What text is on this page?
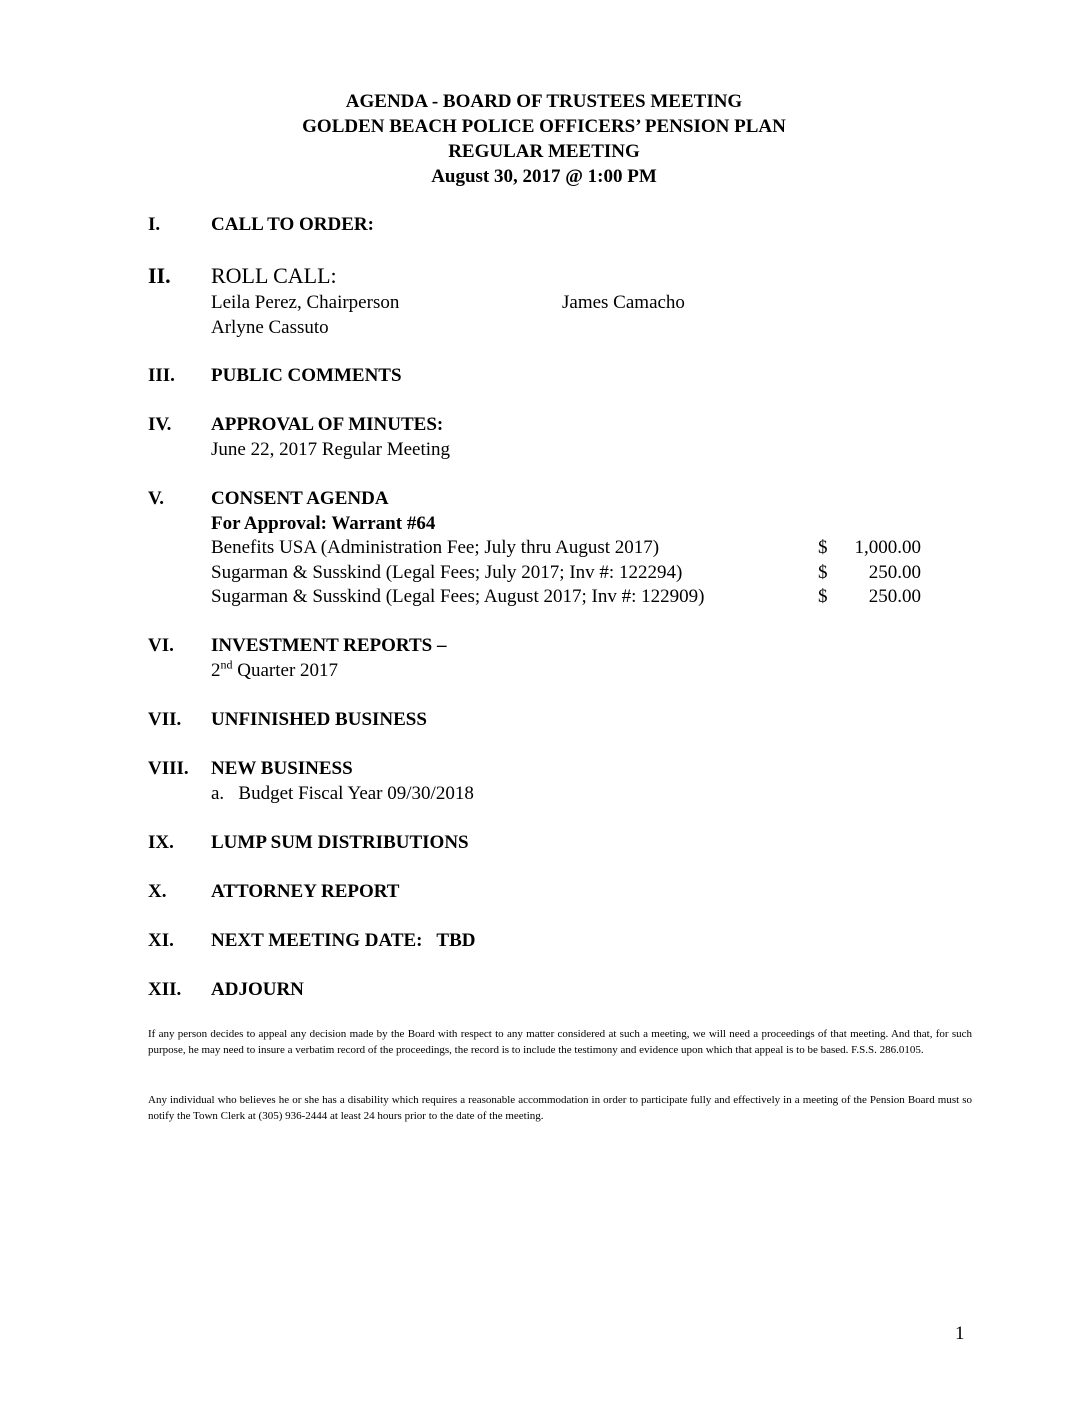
AGENDA - BOARD OF TRUSTEES MEETING
GOLDEN BEACH POLICE OFFICERS’ PENSION PLAN
REGULAR MEETING
August 30, 2017 @ 1:00 PM
I.	CALL TO ORDER:
II. ROLL CALL:
Leila Perez, Chairperson	James Camacho
Arlyne Cassuto
III. PUBLIC COMMENTS
IV. APPROVAL OF MINUTES:
June 22, 2017 Regular Meeting
V. CONSENT AGENDA
For Approval: Warrant #64
Benefits USA (Administration Fee; July thru August 2017)	$	1,000.00
Sugarman & Susskind (Legal Fees; July 2017; Inv #: 122294)	$	250.00
Sugarman & Susskind (Legal Fees; August 2017; Inv #: 122909)	$	250.00
VI. INVESTMENT REPORTS –
2nd Quarter 2017
VII. UNFINISHED BUSINESS
VIII. NEW BUSINESS
a.   Budget Fiscal Year 09/30/2018
IX. LUMP SUM DISTRIBUTIONS
X. ATTORNEY REPORT
XI. NEXT MEETING DATE:   TBD
XII. ADJOURN
If any person decides to appeal any decision made by the Board with respect to any matter considered at such a meeting, we will need a proceedings of that meeting. And that, for such purpose, he may need to insure a verbatim record of the proceedings, the record is to include the testimony and evidence upon which that appeal is to be based. F.S.S. 286.0105.
Any individual who believes he or she has a disability which requires a reasonable accommodation in order to participate fully and effectively in a meeting of the Pension Board must so notify the Town Clerk at (305) 936-2444 at least 24 hours prior to the date of the meeting.
1
